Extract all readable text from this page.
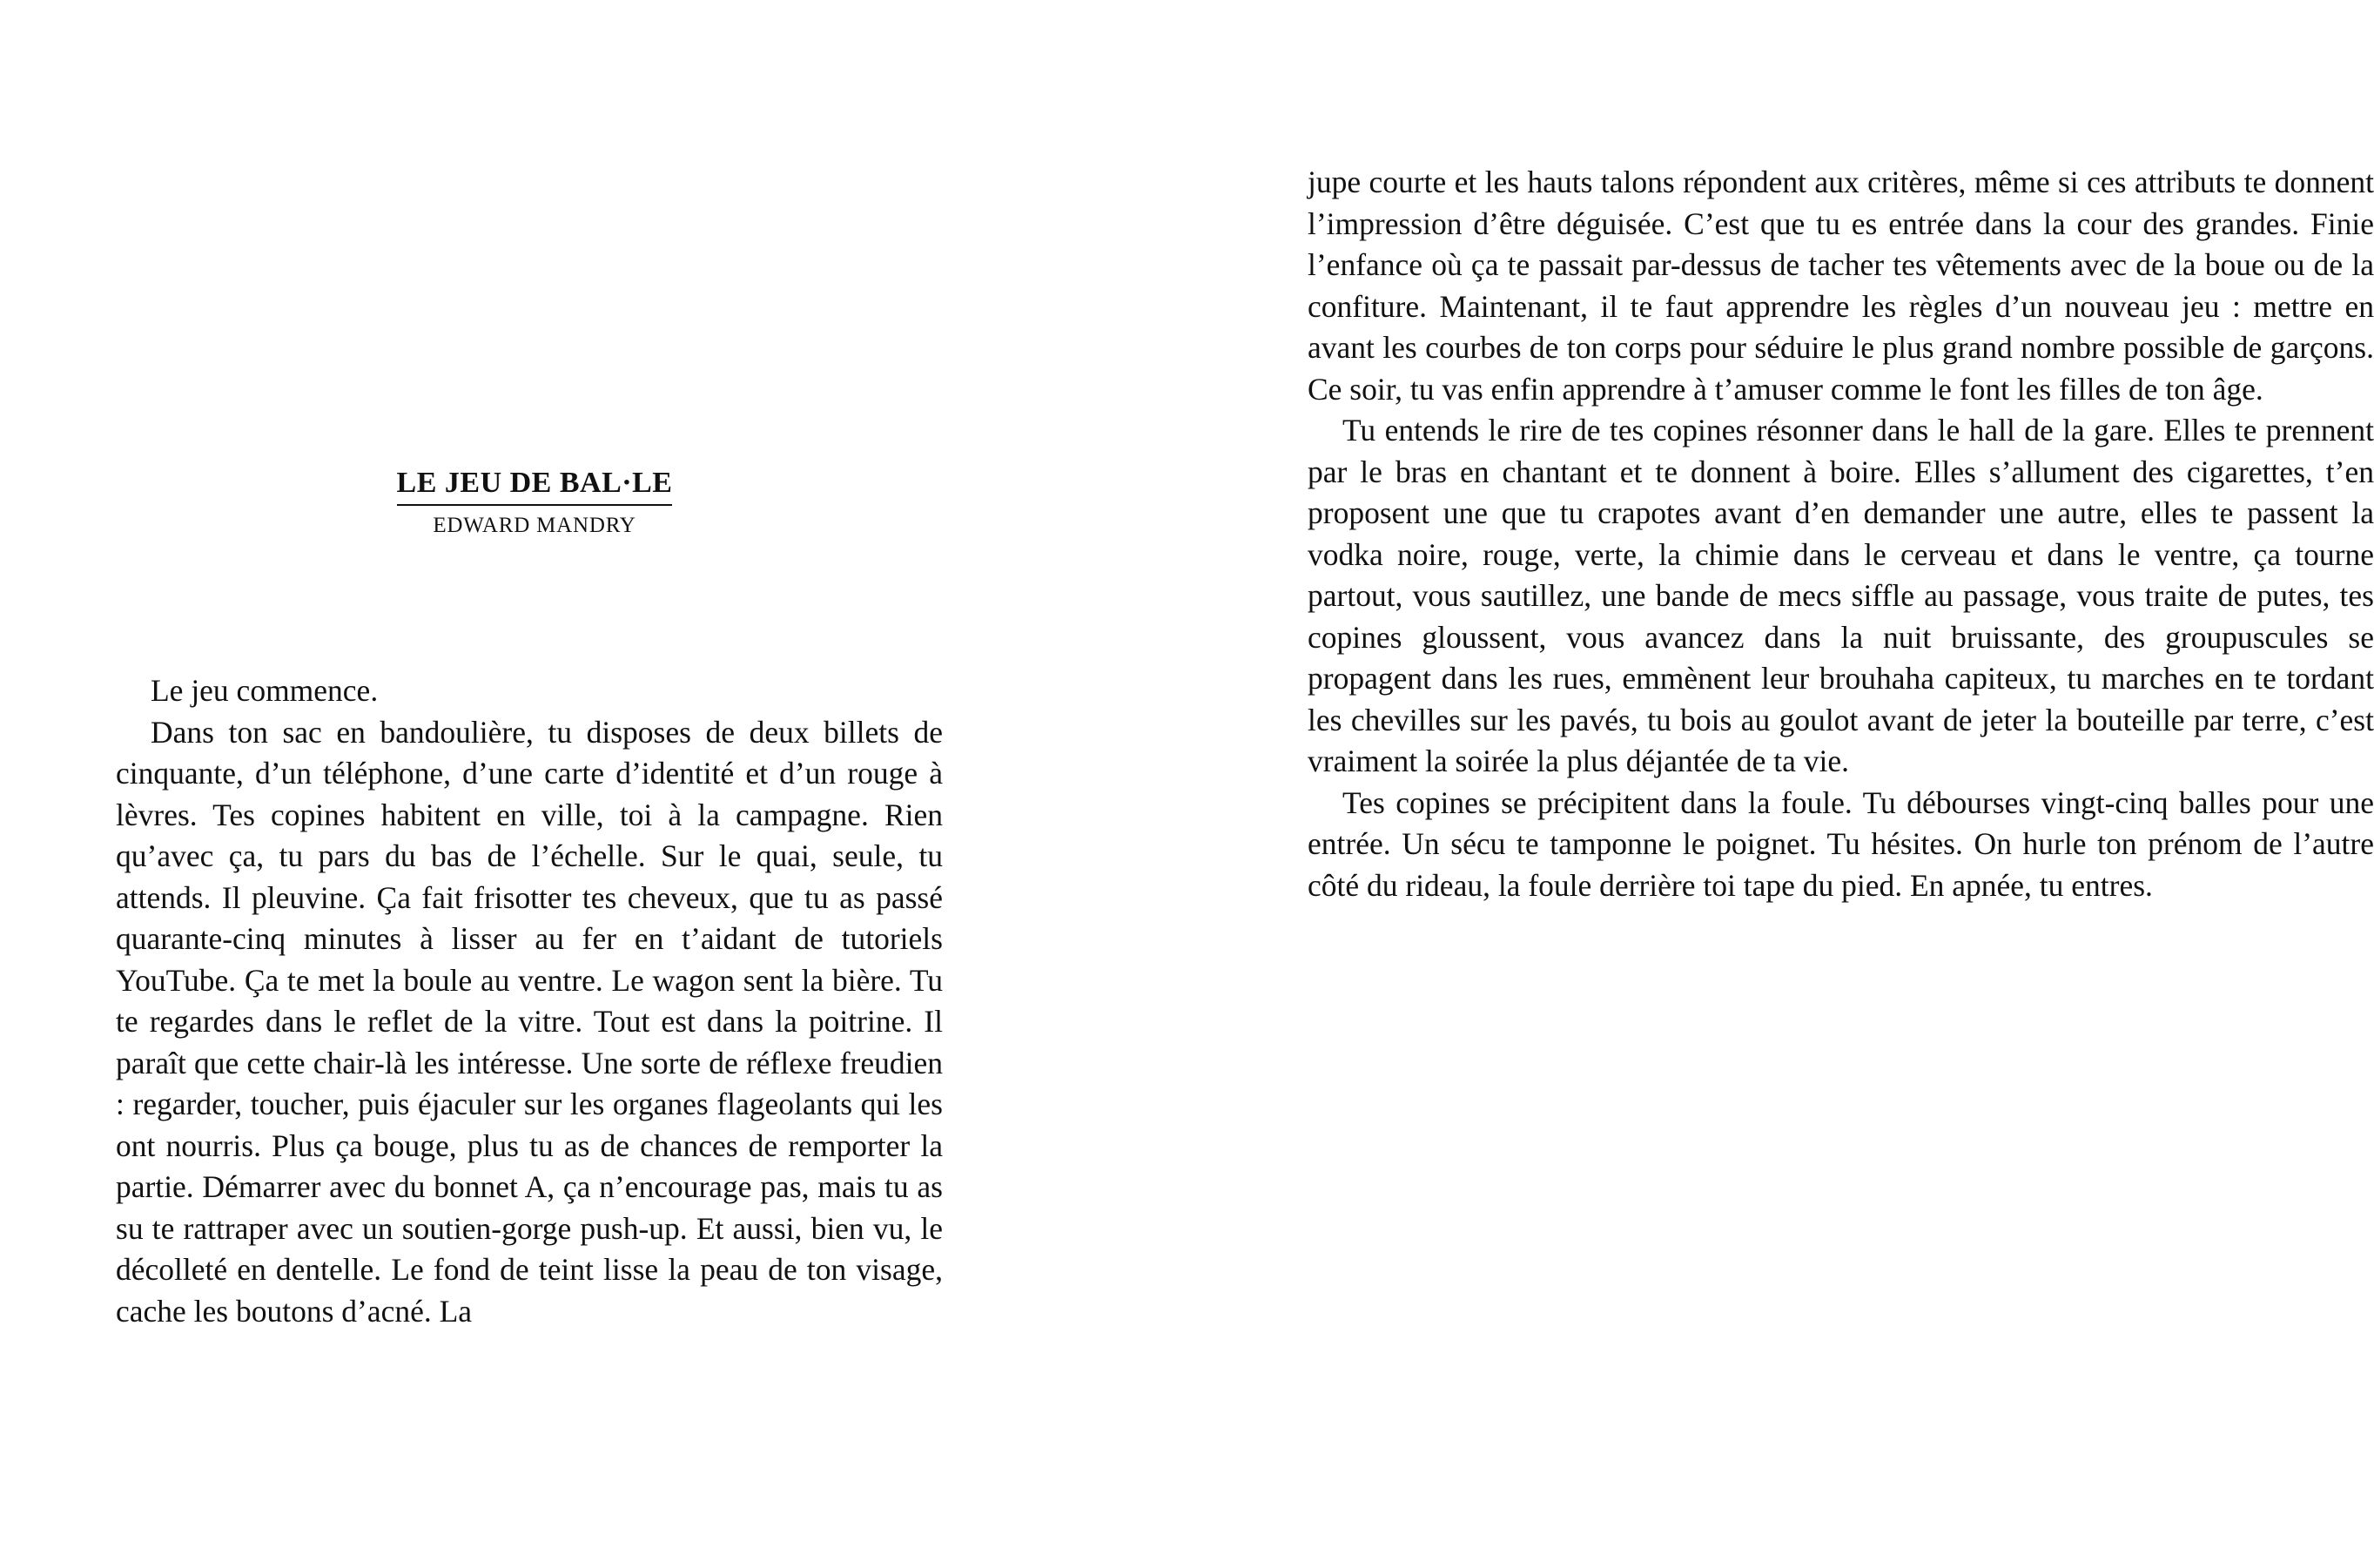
LE JEU DE BAL·LE
EDWARD MANDRY

Le jeu commence.

Dans ton sac en bandoulière, tu disposes de deux billets de cinquante, d’un téléphone, d’une carte d’identité et d’un rouge à lèvres. Tes copines habitent en ville, toi à la campagne. Rien qu’avec ça, tu pars du bas de l’échelle. Sur le quai, seule, tu attends. Il pleuvine. Ça fait frisotter tes cheveux, que tu as passé quarante-cinq minutes à lisser au fer en t’aidant de tutoriels YouTube. Ça te met la boule au ventre. Le wagon sent la bière. Tu te regardes dans le reflet de la vitre. Tout est dans la poitrine. Il paraît que cette chair-là les intéresse. Une sorte de réflexe freudien : regarder, toucher, puis éjaculer sur les organes flageolants qui les ont nourris. Plus ça bouge, plus tu as de chances de remporter la partie. Démarrer avec du bonnet A, ça n’encourage pas, mais tu as su te rattraper avec un soutien-gorge push-up. Et aussi, bien vu, le décolleté en dentelle. Le fond de teint lisse la peau de ton visage, cache les boutons d’acné. La

jupe courte et les hauts talons répondent aux critères, même si ces attributs te donnent l’impression d’être déguisée. C’est que tu es entrée dans la cour des grandes. Finie l’enfance où ça te passait par-dessus de tacher tes vêtements avec de la boue ou de la confiture. Maintenant, il te faut apprendre les règles d’un nouveau jeu : mettre en avant les courbes de ton corps pour séduire le plus grand nombre possible de garçons. Ce soir, tu vas enfin apprendre à t’amuser comme le font les filles de ton âge.

Tu entends le rire de tes copines résonner dans le hall de la gare. Elles te prennent par le bras en chantant et te donnent à boire. Elles s’allument des cigarettes, t’en proposent une que tu crapotes avant d’en demander une autre, elles te passent la vodka noire, rouge, verte, la chimie dans le cerveau et dans le ventre, ça tourne partout, vous sautillez, une bande de mecs siffle au passage, vous traite de putes, tes copines gloussent, vous avancez dans la nuit bruissante, des groupuscules se propagent dans les rues, emmènent leur brouhaha capiteux, tu marches en te tordant les chevilles sur les pavés, tu bois au goulot avant de jeter la bouteille par terre, c’est vraiment la soirée la plus déjantée de ta vie.

Tes copines se précipitent dans la foule. Tu débourses vingt-cinq balles pour une entrée. Un sécu te tamponne le poignet. Tu hésites. On hurle ton prénom de l’autre côté du rideau, la foule derrière toi tape du pied. En apnée, tu entres.
